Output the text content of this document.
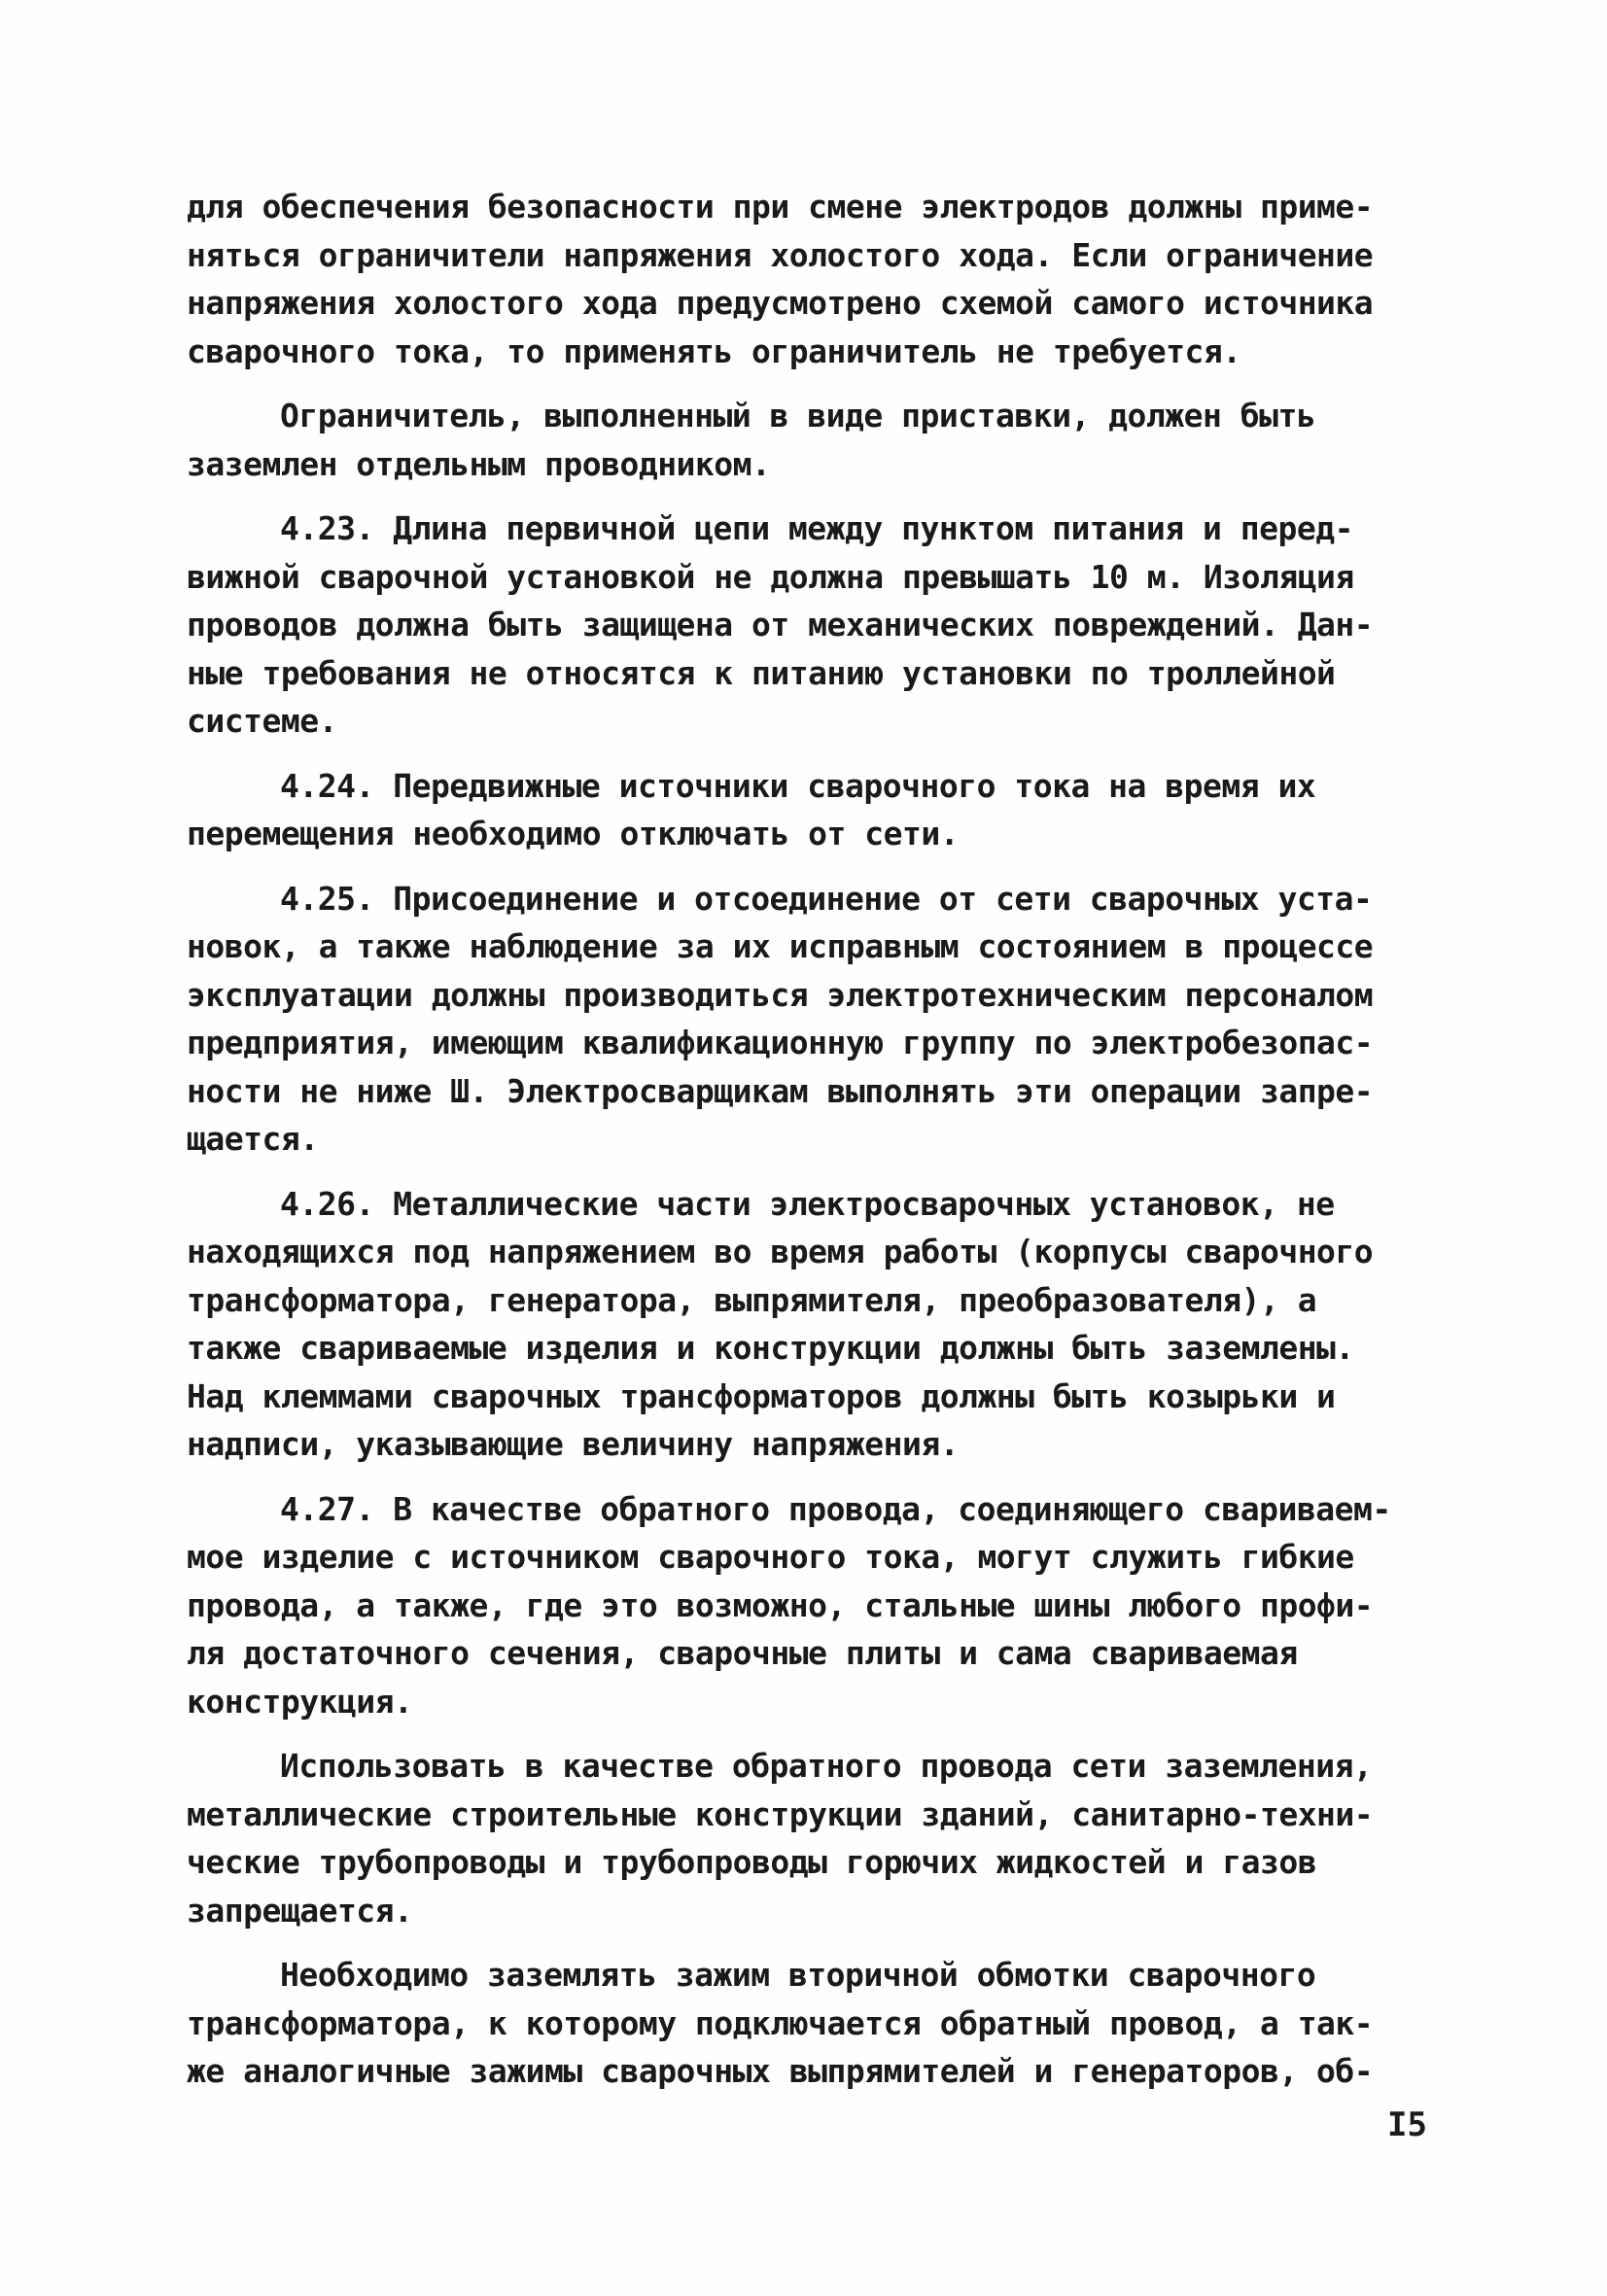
для обеспечения безопасности при смене электродов должны приме-
няться ограничители напряжения холостого хода. Если ограничение
напряжения холостого хода предусмотрено схемой самого источника
сварочного тока, то применять ограничитель не требуется.
Ограничитель, выполненный в виде приставки, должен быть
заземлен отдельным проводником.
4.23. Длина первичной цепи между пунктом питания и перед-
вижной сварочной установкой не должна превышать 10 м. Изоляция
проводов должна быть защищена от механических повреждений. Дан-
ные требования не относятся к питанию установки по троллейной
системе.
4.24. Передвижные источники сварочного тока на время их
перемещения необходимо отключать от сети.
4.25. Присоединение и отсоединение от сети сварочных уста-
новок, а также наблюдение за их исправным состоянием в процессе
эксплуатации должны производиться электротехническим персоналом
предприятия, имеющим квалификационную группу по электробезопас-
ности не ниже Ш. Электросварщикам выполнять эти операции запре-
щается.
4.26. Металлические части электросварочных установок, не
находящихся под напряжением во время работы (корпусы сварочного
трансформатора, генератора, выпрямителя, преобразователя), а
также свариваемые изделия и конструкции должны быть заземлены.
Над клеммами сварочных трансформаторов должны быть козырьки и
надписи, указывающие величину напряжения.
4.27. В качестве обратного провода, соединяющего свариваем-
мое изделие с источником сварочного тока, могут служить гибкие
провода, а также, где это возможно, стальные шины любого профи-
ля достаточного сечения, сварочные плиты и сама свариваемая
конструкция.
Использовать в качестве обратного провода сети заземления,
металлические строительные конструкции зданий, санитарно-техни-
ческие трубопроводы и трубопроводы горючих жидкостей и газов
запрещается.
Необходимо заземлять зажим вторичной обмотки сварочного
трансформатора, к которому подключается обратный провод, а так-
же аналогичные зажимы сварочных выпрямителей и генераторов, об-
I5
